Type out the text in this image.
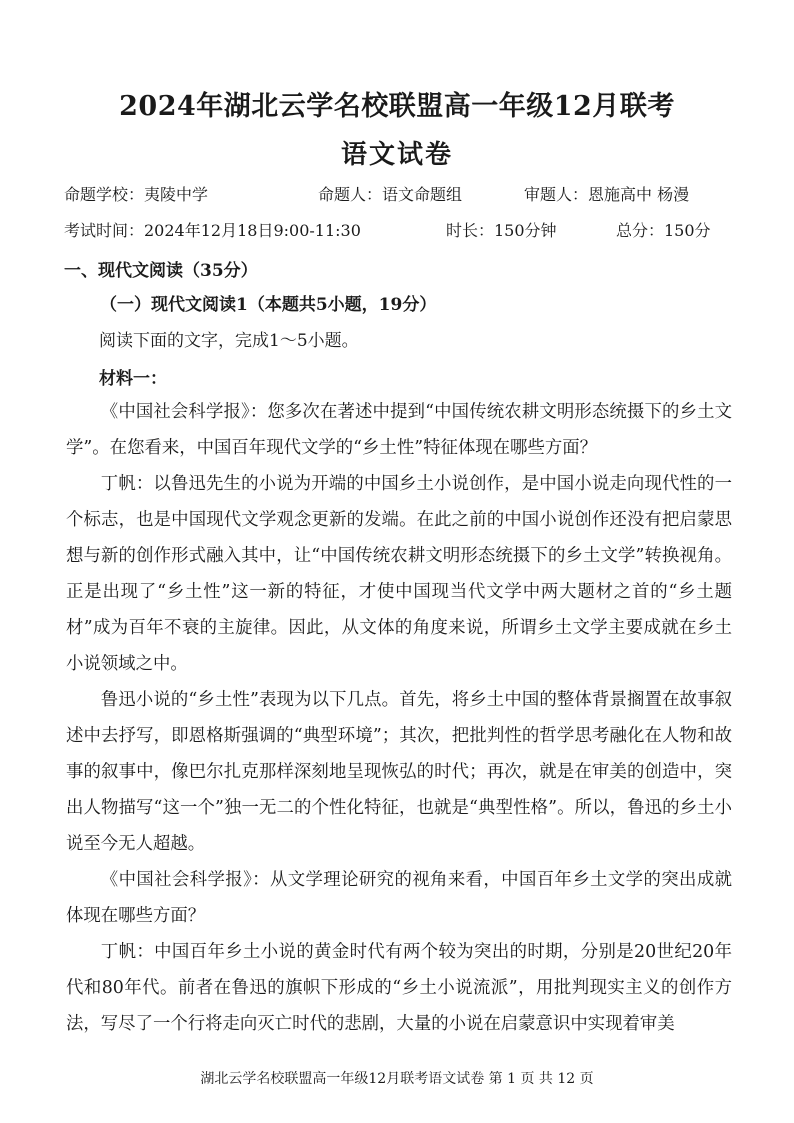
2024年湖北云学名校联盟高一年级12月联考
语文试卷
命题学校：夷陵中学	命题人：语文命题组	审题人：恩施高中 杨漫
考试时间：2024年12月18日9:00-11:30	时长：150分钟	总分：150分
一、现代文阅读（35分）
（一）现代文阅读1（本题共5小题，19分）
阅读下面的文字，完成1～5小题。
材料一：

《中国社会科学报》：您多次在著述中提到“中国传统农耕文明形态统摄下的乡土文学”。在您看来，中国百年现代文学的“乡土性”特征体现在哪些方面？

丁帆：以鲁迅先生的小说为开端的中国乡土小说创作，是中国小说走向现代性的一个标志，也是中国现代文学观念更新的发端。在此之前的中国小说创作还没有把启蒙思想与新的创作形式融入其中，让“中国传统农耕文明形态统摄下的乡土文学”转换视角。正是出现了“乡土性”这一新的特征，才使中国现当代文学中两大题材之首的“乡土题材”成为百年不衰的主旋律。因此，从文体的角度来说，所谓乡土文学主要成就在乡土小说领域之中。

鲁迅小说的“乡土性”表现为以下几点。首先，将乡土中国的整体背景搁置在故事叙述中去抒写，即恩格斯强调的“典型环境”；其次，把批判性的哲学思考融化在人物和故事的叙事中，像巴尔扎克那样深刻地呈现恢弘的时代；再次，就是在审美的创造中，突出人物描写“这一个”独一无二的个性化特征，也就是“典型性格”。所以，鲁迅的乡土小说至今无人超越。

《中国社会科学报》：从文学理论研究的视角来看，中国百年乡土文学的突出成就体现在哪些方面？

丁帆：中国百年乡土小说的黄金时代有两个较为突出的时期，分别是20世纪20年代和80年代。前者在鲁迅的旗帜下形成的“乡土小说流派”，用批判现实主义的创作方法，写尽了一个行将走向灭亡时代的悲剧，大量的小说在启蒙意识中实现着审美

湖北云学名校联盟高一年级12月联考语文试卷 第 1 页 共 12 页
